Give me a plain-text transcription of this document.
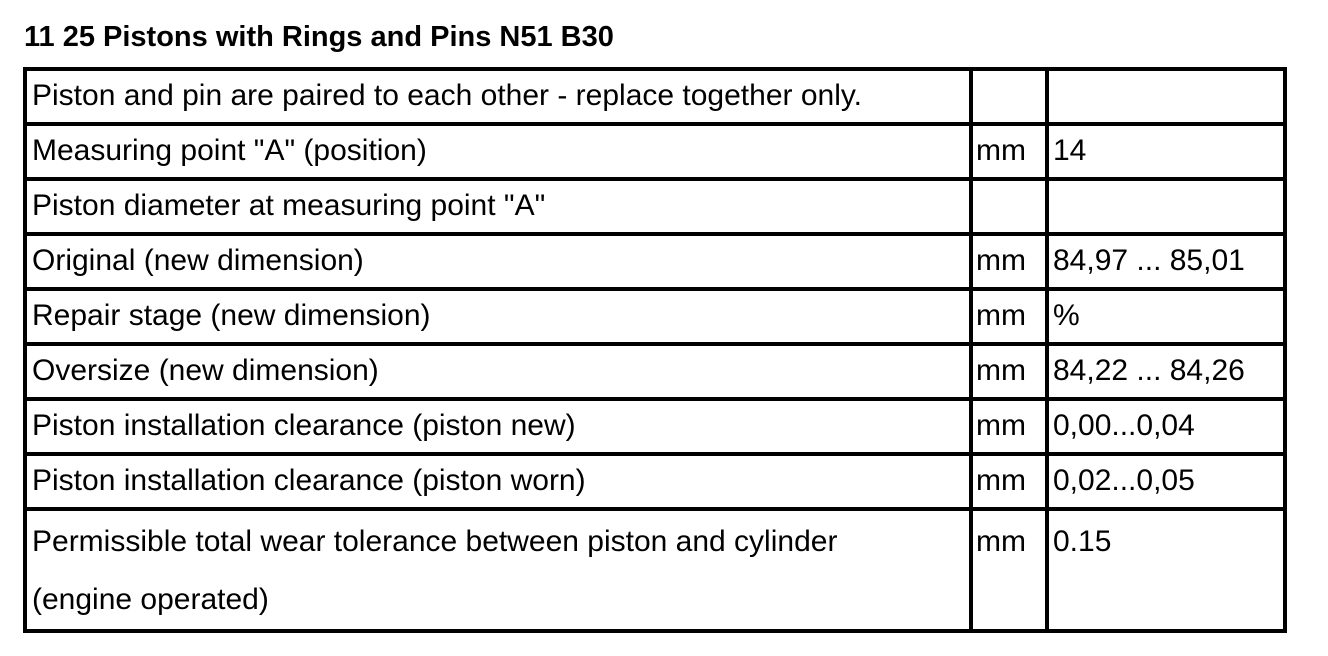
11 25 Pistons with Rings and Pins N51 B30
Piston and pin are paired to each other - replace together only.		
Measuring point "A" (position)	mm	14
Piston diameter at measuring point "A"		
Original (new dimension)	mm	84,97 ... 85,01
Repair stage (new dimension)	mm	%
Oversize (new dimension)	mm	84,22 ... 84,26
Piston installation clearance (piston new)	mm	0,00...0,04
Piston installation clearance (piston worn)	mm	0,02...0,05

Permissible total wear tolerance between piston and cylinder
(engine operated)	mm	0.15
